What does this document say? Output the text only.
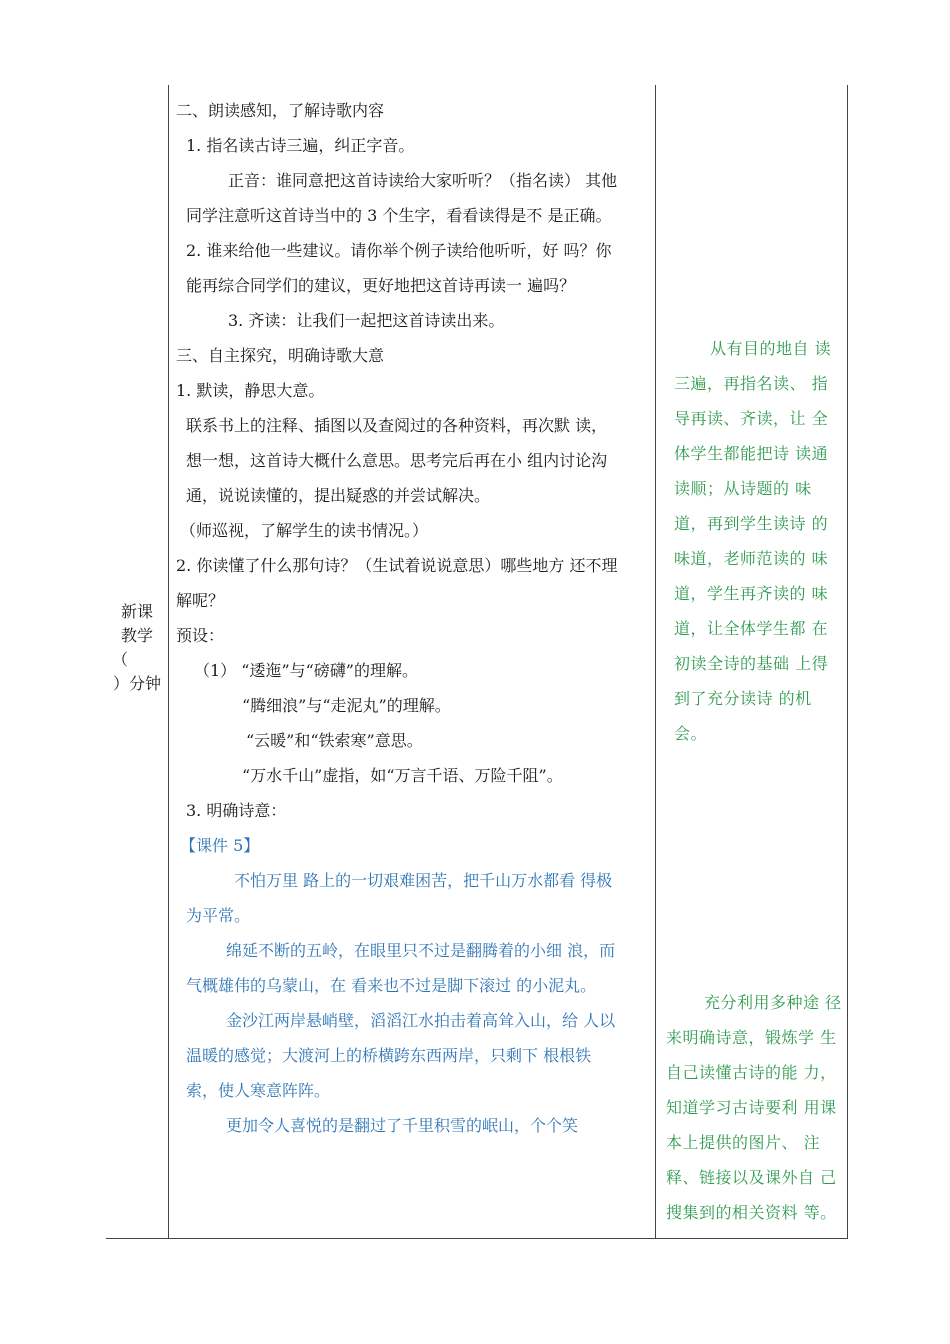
新课
教学
（
）分钟
二、朗读感知，了解诗歌内容
1. 指名读古诗三遍，纠正字音。
正音：谁同意把这首诗读给大家听听？（指名读） 其他
同学注意听这首诗当中的 3 个生字，看看读得是不 是正确。
2. 谁来给他一些建议。请你举个例子读给他听听，好 吗？你
能再综合同学们的建议，更好地把这首诗再读一 遍吗？
3. 齐读：让我们一起把这首诗读出来。
三、自主探究，明确诗歌大意
1. 默读，静思大意。
联系书上的注释、插图以及查阅过的各种资料，再次默 读，
想一想，这首诗大概什么意思。思考完后再在小 组内讨论沟
通，说说读懂的，提出疑惑的并尝试解决。
（师巡视，了解学生的读书情况。）
2. 你读懂了什么那句诗？（生试着说说意思）哪些地方 还不理
解呢？
预设：
（1） “逶迤”与“磅礴”的理解。
“腾细浪”与“走泥丸”的理解。
“云暖”和“铁索寒”意思。
“万水千山”虚指，如“万言千语、万险千阻”。
3. 明确诗意：
【课件 5】
不怕万里 路上的一切艰难困苦，把千山万水都看 得极
为平常。
绵延不断的五岭，在眼里只不过是翻腾着的小细 浪，而
气概雄伟的乌蒙山，在 看来也不过是脚下滚过 的小泥丸。
金沙江两岸悬峭壁，滔滔江水拍击着高耸入山，给 人以
温暖的感觉；大渡河上的桥横跨东西两岸，只剩下 根根铁
索，使人寒意阵阵。
更加令人喜悦的是翻过了千里积雪的岷山，个个笑
从有目的地自 读
三遍，再指名读、 指
导再读、齐读，让 全
体学生都能把诗 读通
读顺；从诗题的 味
道，再到学生读诗 的
味道，老师范读的 味
道，学生再齐读的 味
道，让全体学生都 在
初读全诗的基础 上得
到了充分读诗 的机
会。
充分利用多种途 径
来明确诗意，锻炼学 生
自己读懂古诗的能 力，
知道学习古诗要利 用课
本上提供的图片、 注
释、链接以及课外自 己
搜集到的相关资料 等。
